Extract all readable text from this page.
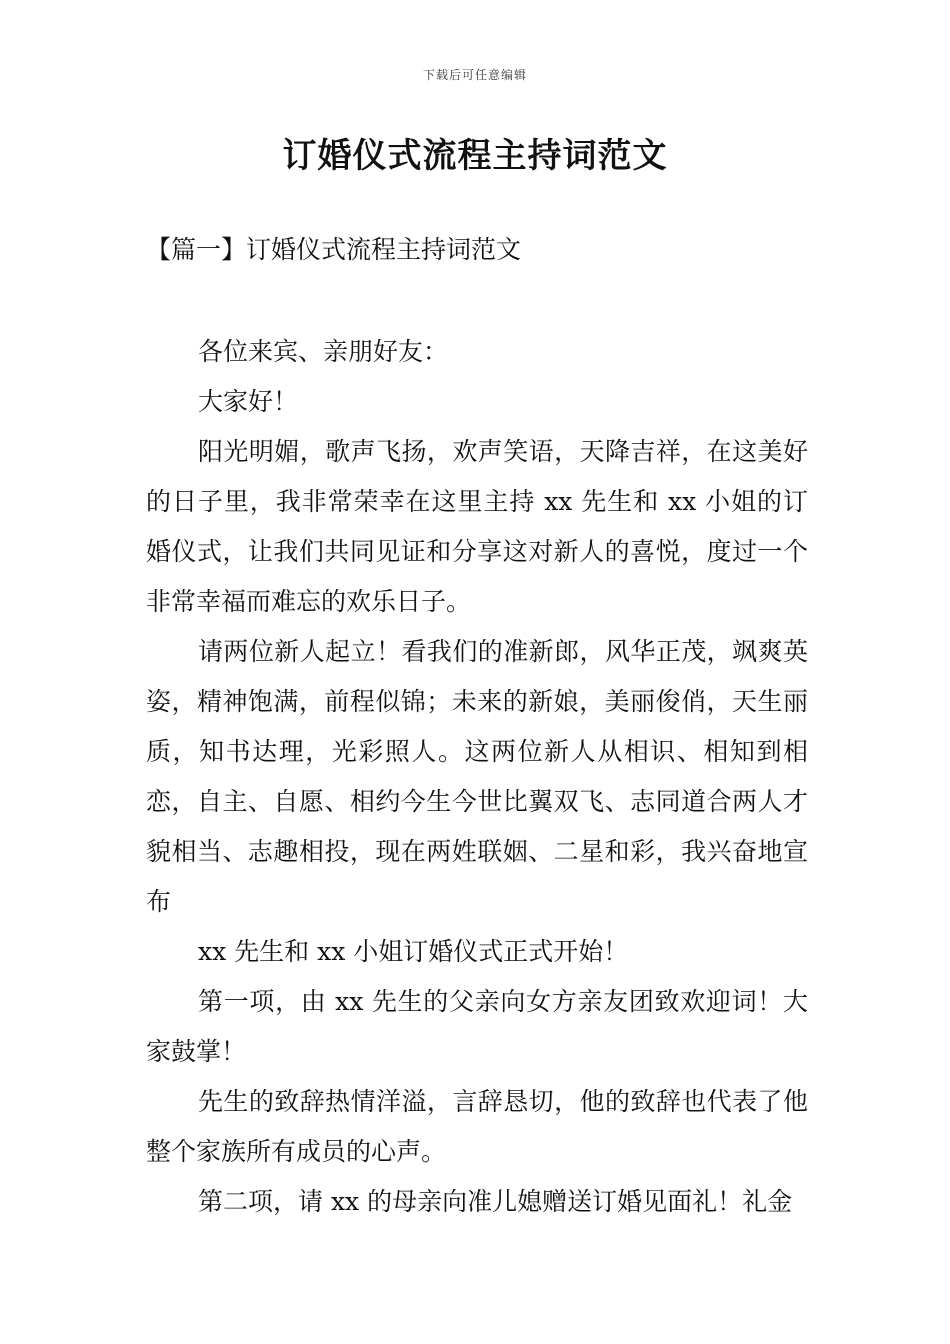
下载后可任意编辑
订婚仪式流程主持词范文
【篇一】订婚仪式流程主持词范文

各位来宾、亲朋好友：

大家好！

阳光明媚，歌声飞扬，欢声笑语，天降吉祥，在这美好的日子里，我非常荣幸在这里主持 xx 先生和 xx 小姐的订婚仪式，让我们共同见证和分享这对新人的喜悦，度过一个非常幸福而难忘的欢乐日子。

请两位新人起立！看我们的准新郎，风华正茂，飒爽英姿，精神饱满，前程似锦；未来的新娘，美丽俊俏，天生丽质，知书达理，光彩照人。这两位新人从相识、相知到相恋，自主、自愿、相约今生今世比翼双飞、志同道合两人才貌相当、志趣相投，现在两姓联姻、二星和彩，我兴奋地宣布

xx 先生和 xx 小姐订婚仪式正式开始！

第一项，由 xx 先生的父亲向女方亲友团致欢迎词！大家鼓掌！

先生的致辞热情洋溢，言辞恳切，他的致辞也代表了他整个家族所有成员的心声。

第二项，请 xx 的母亲向准儿媳赠送订婚见面礼！礼金
